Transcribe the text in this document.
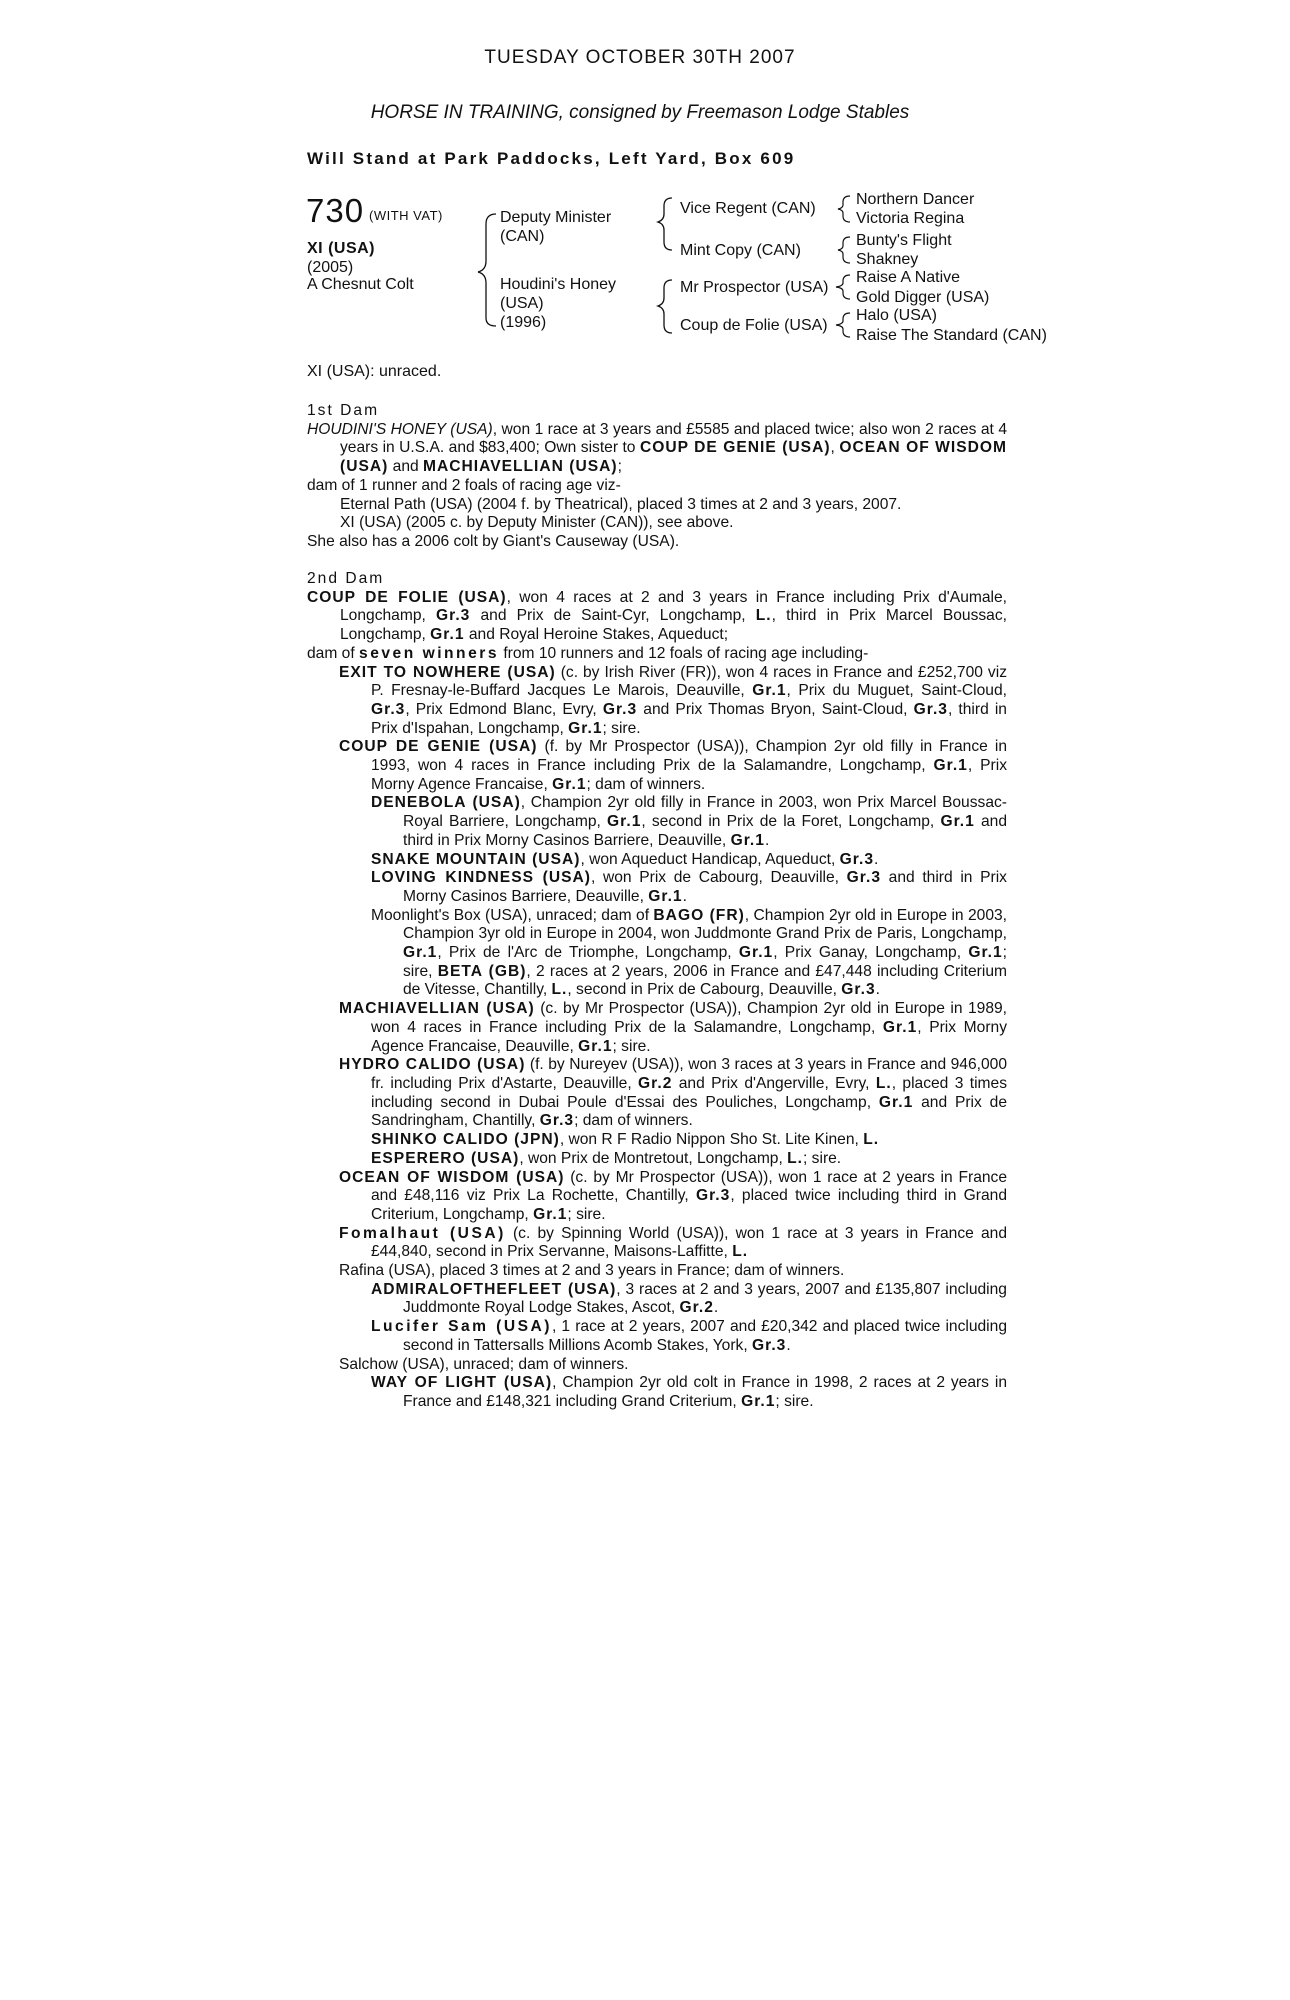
TUESDAY OCTOBER 30TH 2007
HORSE IN TRAINING, consigned by Freemason Lodge Stables
Will Stand at Park Paddocks, Left Yard, Box 609
730 (WITH VAT)
XI (USA)
(2005)
A Chesnut Colt
Deputy Minister (CAN)
Houdini's Honey
(USA)
(1996)
Vice Regent (CAN)
Mint Copy (CAN)
Mr Prospector (USA)
Coup de Folie (USA)
Northern Dancer
Victoria Regina
Bunty's Flight
Shakney
Raise A Native
Gold Digger (USA)
Halo (USA)
Raise The Standard (CAN)
XI (USA): unraced.

1st Dam

HOUDINI'S HONEY (USA), won 1 race at 3 years and £5585 and placed twice; also won 2 races at 4 years in U.S.A. and $83,400; Own sister to COUP DE GENIE (USA), OCEAN OF WISDOM (USA) and MACHIAVELLIAN (USA);

dam of 1 runner and 2 foals of racing age viz-

Eternal Path (USA) (2004 f. by Theatrical), placed 3 times at 2 and 3 years, 2007.

XI (USA) (2005 c. by Deputy Minister (CAN)), see above.

She also has a 2006 colt by Giant's Causeway (USA).

2nd Dam

COUP DE FOLIE (USA), won 4 races at 2 and 3 years in France including Prix d'Aumale, Longchamp, Gr.3 and Prix de Saint-Cyr, Longchamp, L., third in Prix Marcel Boussac, Longchamp, Gr.1 and Royal Heroine Stakes, Aqueduct;

dam of seven winners from 10 runners and 12 foals of racing age including-

EXIT TO NOWHERE (USA) (c. by Irish River (FR)), won 4 races in France and £252,700 viz P. Fresnay-le-Buffard Jacques Le Marois, Deauville, Gr.1, Prix du Muguet, Saint-Cloud, Gr.3, Prix Edmond Blanc, Evry, Gr.3 and Prix Thomas Bryon, Saint-Cloud, Gr.3, third in Prix d'Ispahan, Longchamp, Gr.1; sire.

COUP DE GENIE (USA) (f. by Mr Prospector (USA)), Champion 2yr old filly in France in 1993, won 4 races in France including Prix de la Salamandre, Longchamp, Gr.1, Prix Morny Agence Francaise, Gr.1; dam of winners.

DENEBOLA (USA), Champion 2yr old filly in France in 2003, won Prix Marcel Boussac-Royal Barriere, Longchamp, Gr.1, second in Prix de la Foret, Longchamp, Gr.1 and third in Prix Morny Casinos Barriere, Deauville, Gr.1.

SNAKE MOUNTAIN (USA), won Aqueduct Handicap, Aqueduct, Gr.3.

LOVING KINDNESS (USA), won Prix de Cabourg, Deauville, Gr.3 and third in Prix Morny Casinos Barriere, Deauville, Gr.1.

Moonlight's Box (USA), unraced; dam of BAGO (FR), Champion 2yr old in Europe in 2003, Champion 3yr old in Europe in 2004, won Juddmonte Grand Prix de Paris, Longchamp, Gr.1, Prix de l'Arc de Triomphe, Longchamp, Gr.1, Prix Ganay, Longchamp, Gr.1; sire, BETA (GB), 2 races at 2 years, 2006 in France and £47,448 including Criterium de Vitesse, Chantilly, L., second in Prix de Cabourg, Deauville, Gr.3.

MACHIAVELLIAN (USA) (c. by Mr Prospector (USA)), Champion 2yr old in Europe in 1989, won 4 races in France including Prix de la Salamandre, Longchamp, Gr.1, Prix Morny Agence Francaise, Deauville, Gr.1; sire.

HYDRO CALIDO (USA) (f. by Nureyev (USA)), won 3 races at 3 years in France and 946,000 fr. including Prix d'Astarte, Deauville, Gr.2 and Prix d'Angerville, Evry, L., placed 3 times including second in Dubai Poule d'Essai des Pouliches, Longchamp, Gr.1 and Prix de Sandringham, Chantilly, Gr.3; dam of winners.

SHINKO CALIDO (JPN), won R F Radio Nippon Sho St. Lite Kinen, L.

ESPERERO (USA), won Prix de Montretout, Longchamp, L.; sire.

OCEAN OF WISDOM (USA) (c. by Mr Prospector (USA)), won 1 race at 2 years in France and £48,116 viz Prix La Rochette, Chantilly, Gr.3, placed twice including third in Grand Criterium, Longchamp, Gr.1; sire.

Fomalhaut (USA) (c. by Spinning World (USA)), won 1 race at 3 years in France and £44,840, second in Prix Servanne, Maisons-Laffitte, L.

Rafina (USA), placed 3 times at 2 and 3 years in France; dam of winners.

ADMIRALOFTHEFLEET (USA), 3 races at 2 and 3 years, 2007 and £135,807 including Juddmonte Royal Lodge Stakes, Ascot, Gr.2.

Lucifer Sam (USA), 1 race at 2 years, 2007 and £20,342 and placed twice including second in Tattersalls Millions Acomb Stakes, York, Gr.3.

Salchow (USA), unraced; dam of winners.

WAY OF LIGHT (USA), Champion 2yr old colt in France in 1998, 2 races at 2 years in France and £148,321 including Grand Criterium, Gr.1; sire.
